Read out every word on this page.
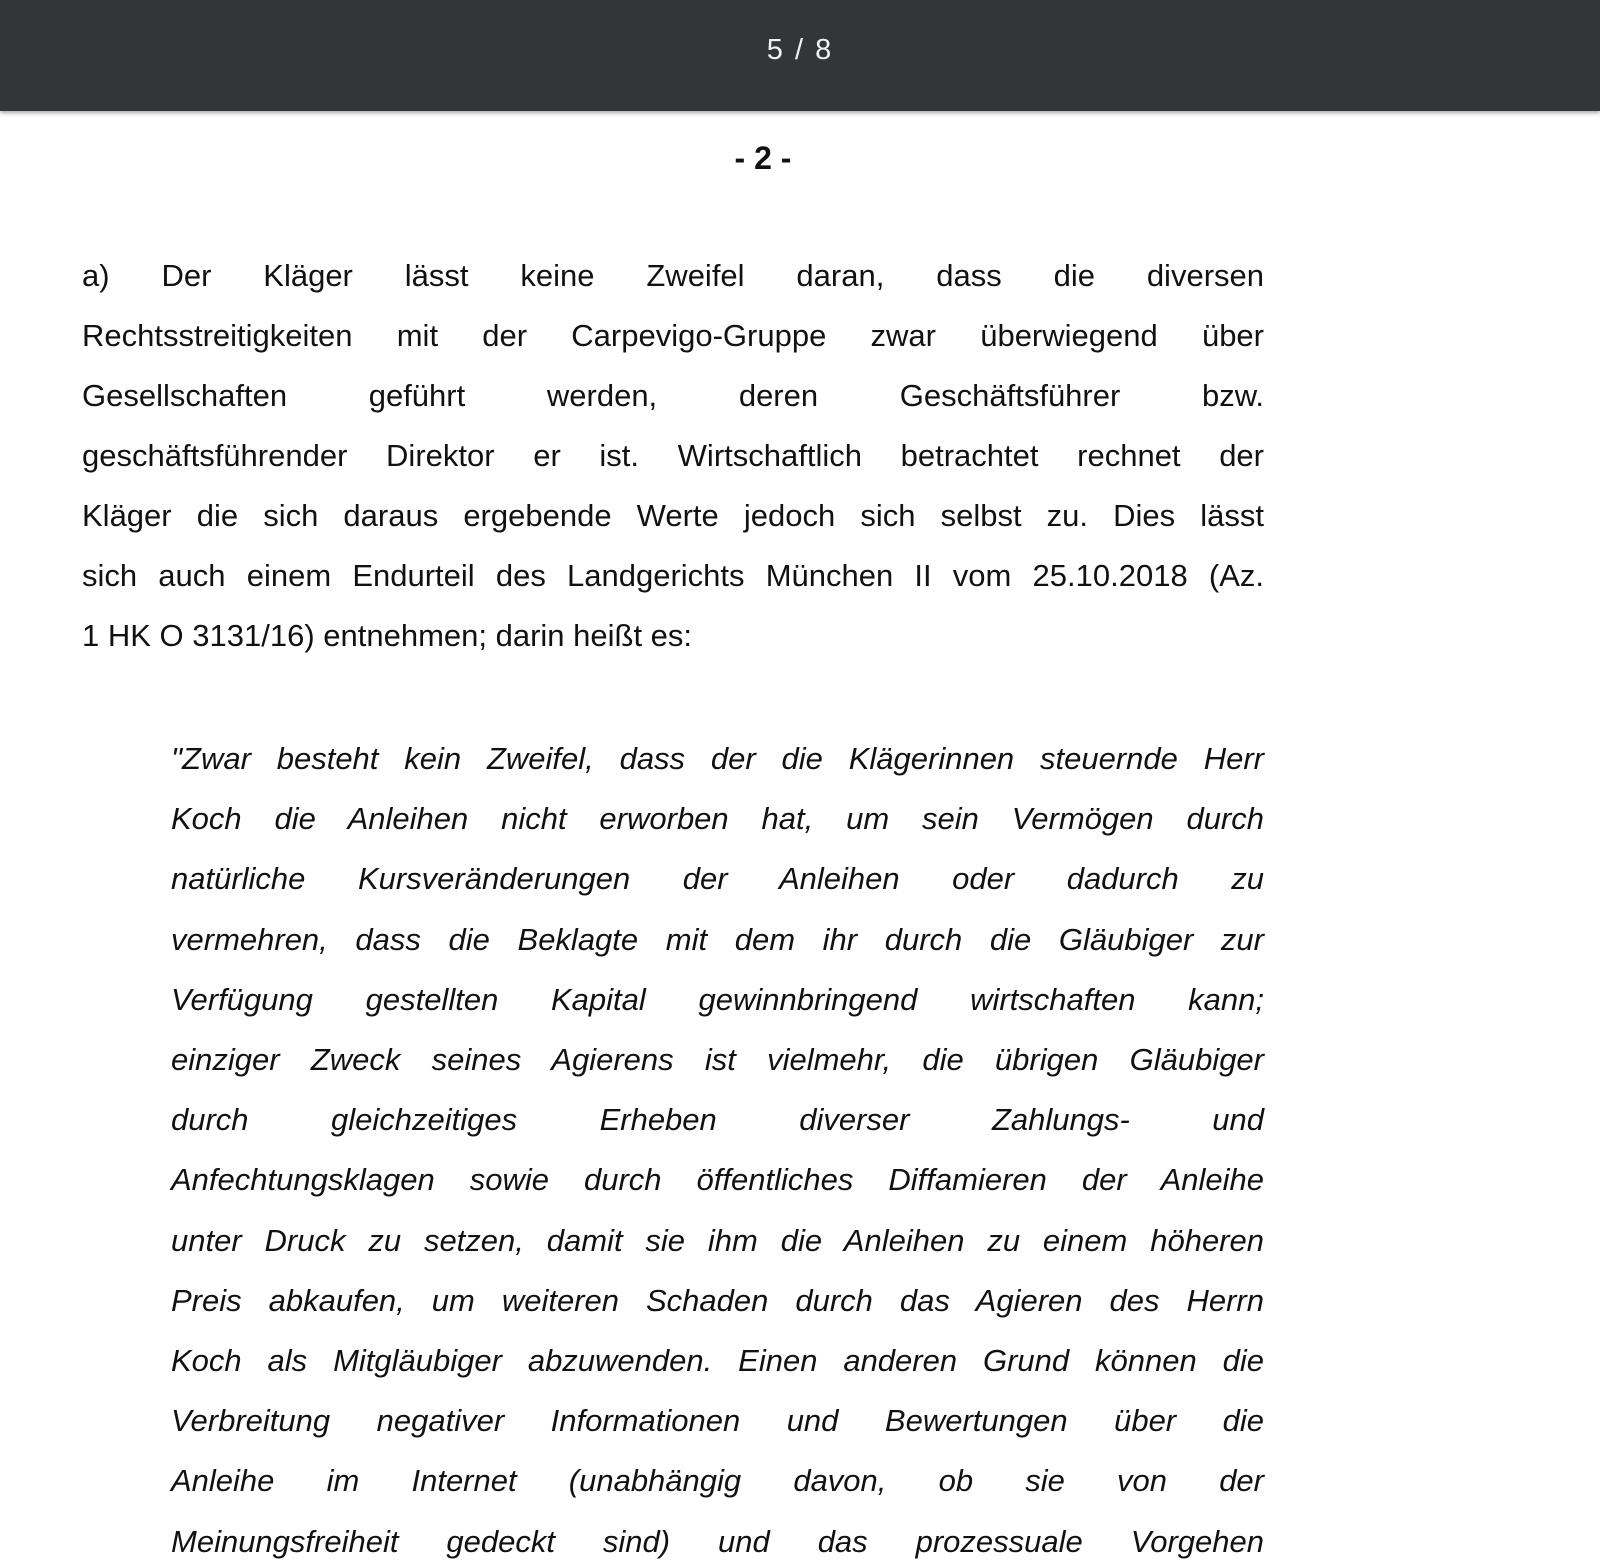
5 / 8
- 2 -
a) Der Kläger lässt keine Zweifel daran, dass die diversen
Rechtsstreitigkeiten mit der Carpevigo-Gruppe zwar überwiegend über
Gesellschaften geführt werden, deren Geschäftsführer bzw.
geschäftsführender Direktor er ist. Wirtschaftlich betrachtet rechnet der
Kläger die sich daraus ergebende Werte jedoch sich selbst zu. Dies lässt
sich auch einem Endurteil des Landgerichts München II vom 25.10.2018 (Az.
1 HK O 3131/16) entnehmen; darin heißt es:
"Zwar besteht kein Zweifel, dass der die Klägerinnen steuernde Herr
Koch die Anleihen nicht erworben hat, um sein Vermögen durch
natürliche Kursveränderungen der Anleihen oder dadurch zu
vermehren, dass die Beklagte mit dem ihr durch die Gläubiger zur
Verfügung gestellten Kapital gewinnbringend wirtschaften kann;
einziger Zweck seines Agierens ist vielmehr, die übrigen Gläubiger
durch gleichzeitiges Erheben diverser Zahlungs- und
Anfechtungsklagen sowie durch öffentliches Diffamieren der Anleihe
unter Druck zu setzen, damit sie ihm die Anleihen zu einem höheren
Preis abkaufen, um weiteren Schaden durch das Agieren des Herrn
Koch als Mitgläubiger abzuwenden. Einen anderen Grund können die
Verbreitung negativer Informationen und Bewertungen über die
Anleihe im Internet (unabhängig davon, ob sie von der
Meinungsfreiheit gedeckt sind) und das prozessuale Vorgehen
